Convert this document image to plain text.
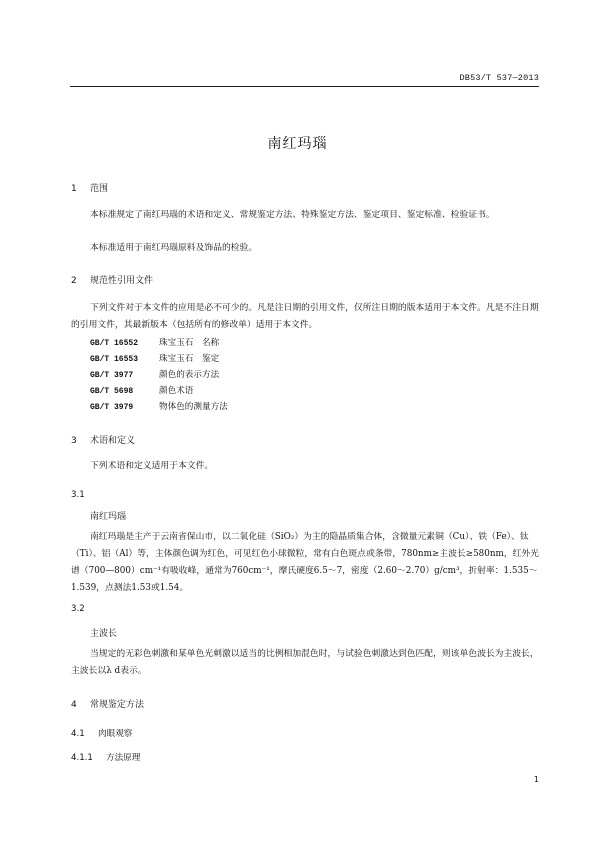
DB53/T 537—2013
南红玛瑙
1 范围
本标准规定了南红玛瑙的术语和定义、常规鉴定方法、特殊鉴定方法、鉴定项目、鉴定标准、检验证书。
本标准适用于南红玛瑙原料及饰品的检验。
2 规范性引用文件
下列文件对于本文件的应用是必不可少的。凡是注日期的引用文件，仅所注日期的版本适用于本文件。凡是不注日期的引用文件，其最新版本（包括所有的修改单）适用于本文件。
GB/T 16552 珠宝玉石　名称
GB/T 16553 珠宝玉石　鉴定
GB/T 3977	颜色的表示方法
GB/T 5698	颜色术语
GB/T 3979	物体色的测量方法
3 术语和定义
下列术语和定义适用于本文件。
3.1
南红玛瑙
南红玛瑙是主产于云南省保山市，以二氧化硅（SiO₂）为主的隐晶质集合体，含微量元素铜（Cu）、铁（Fe）、钛（Ti）、铝（Al）等，主体颜色调为红色，可见红色小球微粒，常有白色斑点或条带，780nm≥主波长≥580nm，红外光谱（700—800）cm⁻¹有吸收峰，通常为760cm⁻¹，摩氏硬度6.5～7，密度（2.60～2.70）g/cm³，折射率：1.535～1.539，点测法1.53或1.54。
3.2
主波长
当规定的无彩色刺激和某单色光刺激以适当的比例相加混色时，与试验色刺激达到色匹配，则该单色波长为主波长，主波长以λ d表示。
4 常规鉴定方法
4.1 肉眼观察
4.1.1 方法原理
1
